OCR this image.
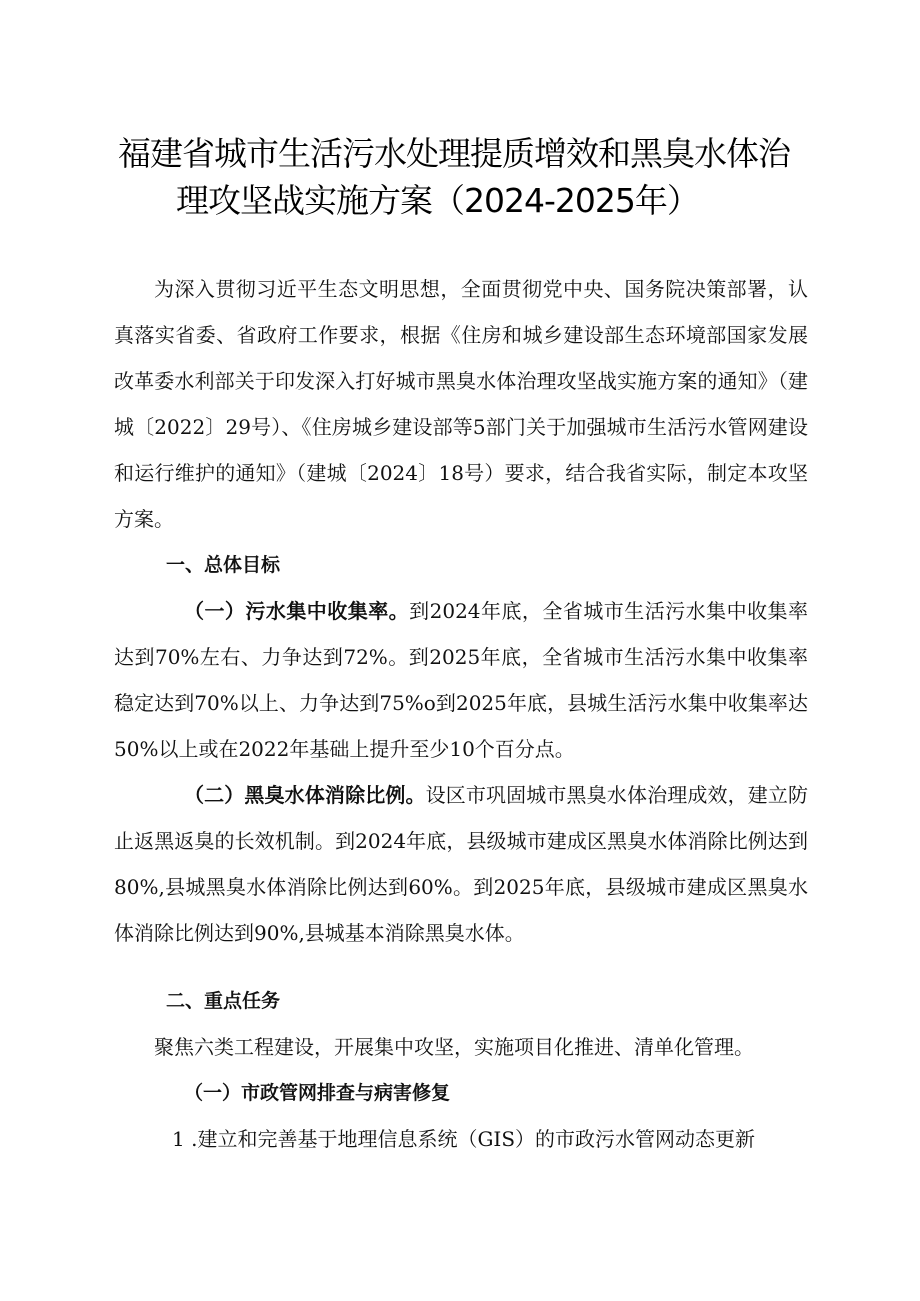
福建省城市生活污水处理提质增效和黑臭水体治
理攻坚战实施方案（2024-2025年）

为深入贯彻习近平生态文明思想，全面贯彻党中央、国务院决策部署，认真落实省委、省政府工作要求，根据《住房和城乡建设部生态环境部国家发展改革委水利部关于印发深入打好城市黑臭水体治理攻坚战实施方案的通知》（建城〔2022〕29号）、《住房城乡建设部等5部门关于加强城市生活污水管网建设和运行维护的通知》（建城〔2024〕18号）要求，结合我省实际，制定本攻坚方案。

一、总体目标

（一）污水集中收集率。到2024年底，全省城市生活污水集中收集率达到70%左右、力争达到72%。到2025年底，全省城市生活污水集中收集率稳定达到70%以上、力争达到75%o到2025年底，县城生活污水集中收集率达50%以上或在2022年基础上提升至少10个百分点。

（二）黑臭水体消除比例。设区市巩固城市黑臭水体治理成效，建立防止返黑返臭的长效机制。到2024年底，县级城市建成区黑臭水体消除比例达到80%,县城黑臭水体消除比例达到60%。到2025年底，县级城市建成区黑臭水体消除比例达到90%,县城基本消除黑臭水体。

二、重点任务

聚焦六类工程建设，开展集中攻坚，实施项目化推进、清单化管理。

（一）市政管网排查与病害修复

1 .建立和完善基于地理信息系统（GIS）的市政污水管网动态更新
